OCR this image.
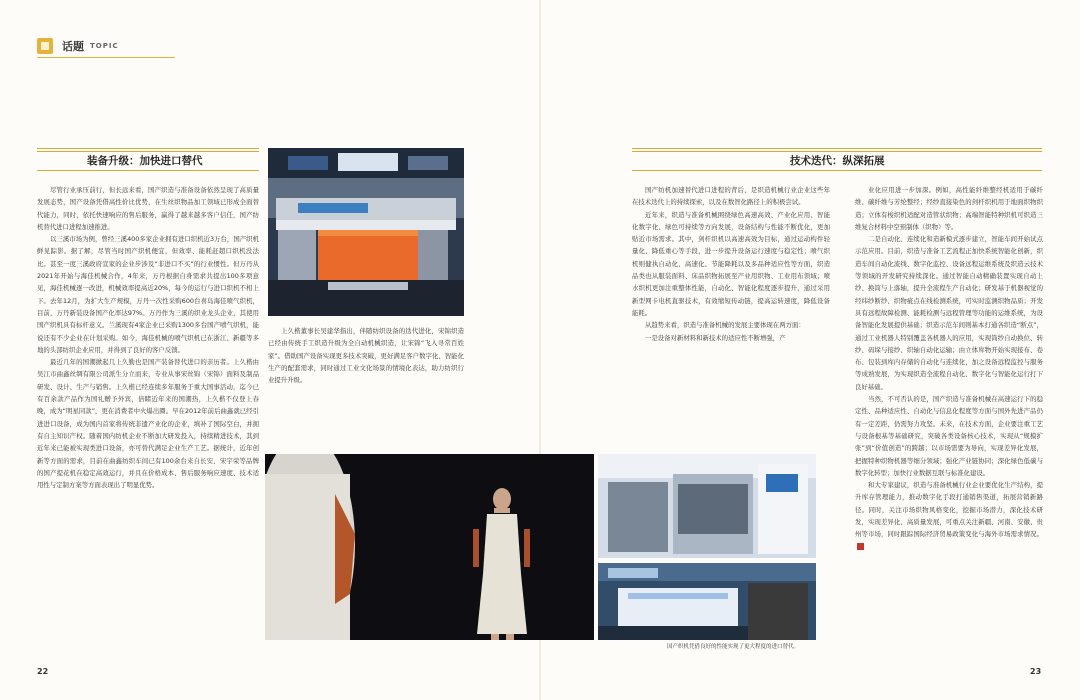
话题 TOPIC
装备升级：加快进口替代	技术迭代：纵深拓展

尽管行业承压前行，但长远来看，国产织造与准备设备依然呈现了高质量发展态势，国产设备凭借高性价比优势，在生丝织物品加工领域已形成全面替代能力，同时，依托快速响应的售后服务，赢得了越来越多客户信任，国产纺机替代进口进程加速推进。

以三溪市场为例，曾经三溪400多家企业拥有进口织机近3万台，国产织机鲜见踪影。据了解，尽管当时国产织机便宜，但效率、能耗赶超口织机没法比。甚至一度三溪政府宣家的企业步涉及“非进口不买”的行业惯性。但万丹从2021年开始与海佳机械合作，4年来，万丹根据自身需求共提出100多项意见，海佳机械逐一改进，机械效率提高近20%，每今的运行与进口织机不相上下。去年12月，为扩大生产规模，万丹一次性采购600台喜岛海佳喷气织机，目前，万丹新装设备国产化率达97%。万丹作为三溪的织业龙头企业，其使用国产织机具有标杆意义。兰溪现有4家企业已采购1300多台国产喷气织机，能说还有不少企业在计划采购。如今，海佳机械的喷气织机已在浙江、新疆等多地的头部纺织企业应用，并得到了良好的客户反馈。

最近几年的国潮掀起几上久勤也是国产装备替代进口的亲历者。上久楷由吴江市曲鑫丝绸有限公司派生分立而来，专业从事宋丝锦（宋锦）面料及制品研发、设计、生产与销售。上久楷已经连续多年服务于重大国事活动，迄今已有百余款产品作为国礼赠予外宾，倍睹近年来的国潮热，上久楷不仅登上春晚，成为“明星同款”，更在消费者中火爆出圈。早在2012年前后曲鑫就已经引进进口设备，成为国内首家将传统非遗产业化的企业，填补了国际空白，并拥有自主知识产权。随着国内纺机企业不断加大研发投入，持续精进技术，其到近年来已能被实现类进口设备，亦可替代满足企业生产工艺。据统计，近年创新等方面的需求，目前在曲鑫纺织车间已有100余台来自长安、宋宇荣等品牌的国产提花机在稳定高效运行，并且在价格成本、售后服务响应速度、技术适用性与定制方案等方面表现出了明显优势。

上久楷董事长吴建华指出，伴随纺织设备的迭代进化，宋锦织造已经由传统手工织造升级为全自动机械织造，让宋锦“飞入寻常百姓家”。借助国产设备实现更多技术突破，更好满足客户数字化、智能化生产的配套需求，同时通过工业文化场景的情境化表达，助力纺织行业提升升级。

国产纺机加速替代进口进程的背后，是织造机械行业企业这些年在技术迭代上的持续探索，以及在数智化路径上的积极尝试。

近年来，织造与准备机械围绕绿色高速高效、产业化应用、智能化数字化、绿色可持续等方向发展，设备结构与性能不断优化，更加贴近市场需求。其中，剑杆织机以高速高效为目标，通过运动构件轻量化、降低重心等手段，进一步提升设备运行速度与稳定性；喷气织机则健执自动化、高速化、节能降耗以及多品种适应性等方面，织造品类也从服装面料、床品织物拓展至产业用织物、工业用布领域；喷水织机更加注重整体性能，自动化、智能化程度逐步提升，通过采用新型网卡电机直驱技术，有效缩短传动链，提高运转速度，降低设备能耗。

从趋势来看，织造与准备机械的发展主要体现在两方面：

一是设备对新材料和新技术的适应性不断增强，产

国产织机凭借良好的性能实现了更大程度的进口替代。

业化应用进一步加深。例如，高性能纤维整经机适用于碳纤维、碳纤维与芳纶整经；经纱直接染色的剑杆织机用于地面织物织造；立体有梭织机适配对造管状织物；高端智能特种织机可织造三维复合材料中空预制体（织物）等。

二是自动化、连续化和造新模式逐步建立，智能车间开始试点示范应用。目前，织造与准备工艺流程正加快系统智能化创新，织造车间自动化流线、数字化监控、设备远程运维系统及织造云技术等领域的开发研究持续深化。通过智能自动精确装置实现自动上纱、换筒与上落轴，提升全流程生产自动化；研发基于机器视觉的经纬纱断纱、织物疵点在线检测系统，可实时监测织物品质；开发具有远程故障检测、能耗检测与远程管理等功能的运维系统，为设备智能化发展提供基础；织造示范车间则基本打通各织造“断点”，通过工业机器人特别覆盖各机器人的应用，实现筒纱自动换位、转纱、码垛与接纱、织轴自动化运输；由立体库物开始实现接布、卷布、包装到库内存储的自动化与连续化，加之设备远程监控与服务等成熟发展，为实现织造全流程自动化、数字化与智能化运行打下良好基础。

当然，不可否认的是，国产织造与准备机械在高速运行下的稳定性、品种适应性、自动化与信息化程度等方面与国外先进产品仍有一定差距，仍需努力攻坚。未来，在技术方面，企业要注重工艺与设备根基等基础研究，突破各类设备核心技术，实现从“规模扩张”到“价值创造”的跨越；以市场需要为导向，实现差异化发展，把握特种织物机器等细分领域；强化产业链协同；深化绿色低碳与数字化转型；加快行业数据互联与标准化建设。

和大专家建议，织造与准备机械行业企业要优化生产结构，提升库存管理能力，推动数字化手段打通销售渠道，拓展营销新路径。同时，关注市场织物风格变化，挖掘市场潜力，深化技术研发，实现差异化、高质量发展，可重点关注新疆、河南、安徽、贵州等市场，同时跟踪国际经济贸易政策变化与海外市场需求情况。

22	23
